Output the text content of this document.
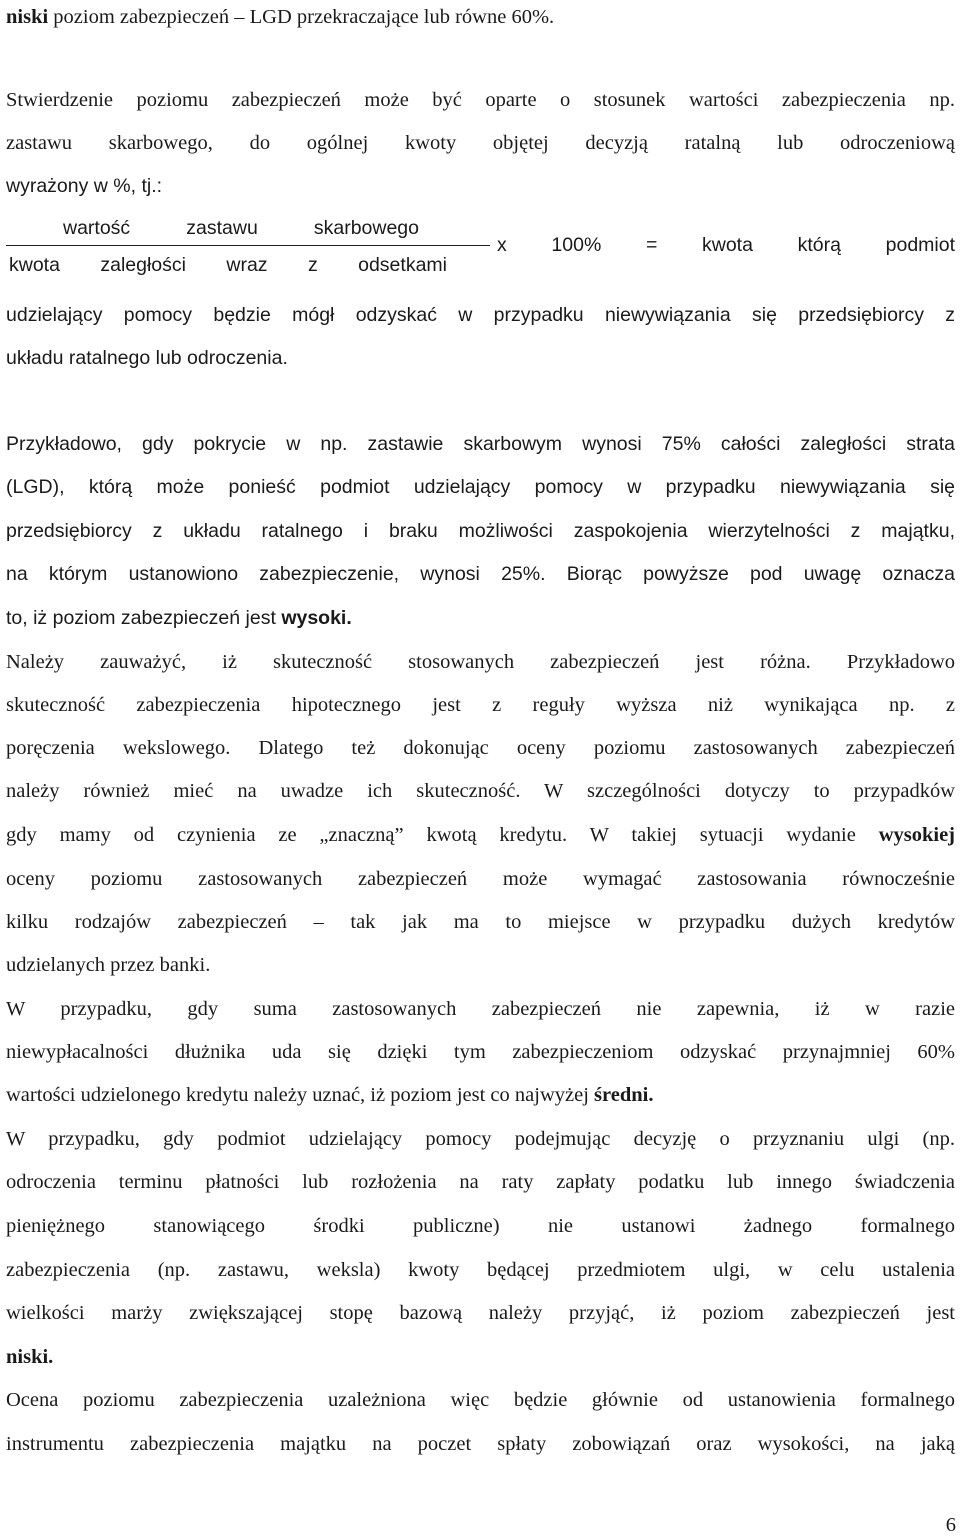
niski poziom zabezpieczeń – LGD przekraczające lub równe 60%.
Stwierdzenie poziomu zabezpieczeń może być oparte o stosunek wartości zabezpieczenia np.
zastawu skarbowego, do ogólnej kwoty objętej decyzją ratalną lub odroczeniową
wyrażony w %, tj.:
wartość zastawu skarbowego
kwota zaległości wraz z odsetkami
x 100% = kwota którą podmiot
udzielający pomocy będzie mógł odzyskać w przypadku niewywiązania się przedsiębiorcy z
układu ratalnego lub odroczenia.
Przykładowo, gdy pokrycie w np. zastawie skarbowym wynosi 75% całości zaległości strata
(LGD), którą może ponieść podmiot udzielający pomocy w przypadku niewywiązania się
przedsiębiorcy z układu ratalnego i braku możliwości zaspokojenia wierzytelności z majątku,
na którym ustanowiono zabezpieczenie, wynosi 25%. Biorąc powyższe pod uwagę oznacza
to, iż poziom zabezpieczeń jest wysoki.
Należy zauważyć, iż skuteczność stosowanych zabezpieczeń jest różna. Przykładowo
skuteczność zabezpieczenia hipotecznego jest z reguły wyższa niż wynikająca np. z
poręczenia wekslowego. Dlatego też dokonując oceny poziomu zastosowanych zabezpieczeń
należy również mieć na uwadze ich skuteczność. W szczególności dotyczy to przypadków
gdy mamy od czynienia ze „znaczną” kwotą kredytu. W takiej sytuacji wydanie wysokiej
oceny poziomu zastosowanych zabezpieczeń może wymagać zastosowania równocześnie
kilku rodzajów zabezpieczeń – tak jak ma to miejsce w przypadku dużych kredytów
udzielanych przez banki.
W przypadku, gdy suma zastosowanych zabezpieczeń nie zapewnia, iż w razie
niewypłacalności dłużnika uda się dzięki tym zabezpieczeniom odzyskać przynajmniej 60%
wartości udzielonego kredytu należy uznać, iż poziom jest co najwyżej średni.
W przypadku, gdy podmiot udzielający pomocy podejmując decyzję o przyznaniu ulgi (np.
odroczenia terminu płatności lub rozłożenia na raty zapłaty podatku lub innego świadczenia
pieniężnego stanowiącego środki publiczne) nie ustanowi żadnego formalnego
zabezpieczenia (np. zastawu, weksla) kwoty będącej przedmiotem ulgi, w celu ustalenia
wielkości marży zwiększającej stopę bazową należy przyjąć, iż poziom zabezpieczeń jest
niski.
Ocena poziomu zabezpieczenia uzależniona więc będzie głównie od ustanowienia formalnego
instrumentu zabezpieczenia majątku na poczet spłaty zobowiązań oraz wysokości, na jaką
6
